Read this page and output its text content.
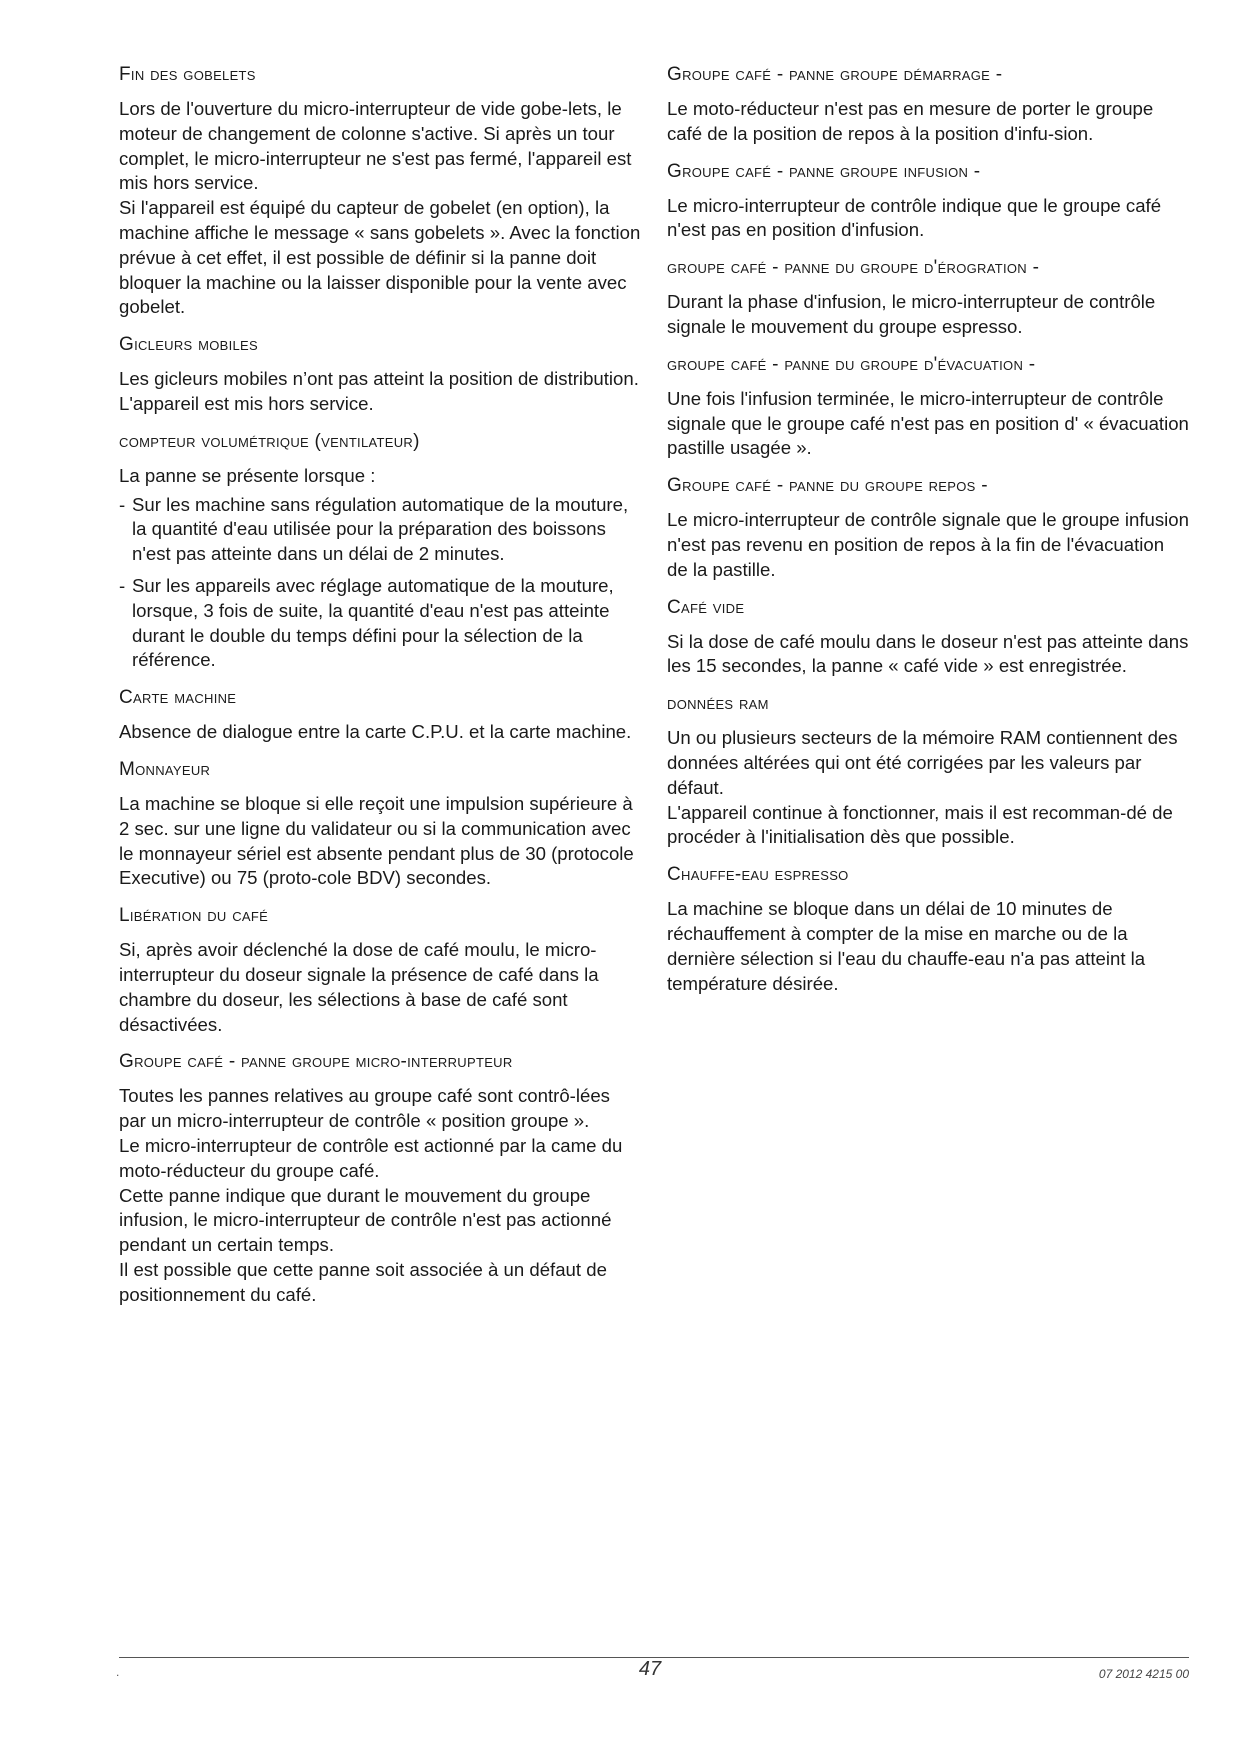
Fin des gobelets

Lors de l'ouverture du micro-interrupteur de vide gobe-lets, le moteur de changement de colonne s'active. Si après un tour complet, le micro-interrupteur ne s'est pas fermé, l'appareil est mis hors service.

Si l'appareil est équipé du capteur de gobelet (en option), la machine affiche le message « sans gobelets ». Avec la fonction prévue à cet effet, il est possible de définir si la panne doit bloquer la machine ou la laisser disponible pour la vente avec gobelet.

Gicleurs mobiles

Les gicleurs mobiles n’ont pas atteint la position de distribution.

L'appareil est mis hors service.

compteur volumétrique (ventilateur)

La panne se présente lorsque :

- Sur les machine sans régulation automatique de la mouture, la quantité d'eau utilisée pour la préparation des boissons n'est pas atteinte dans un délai de 2 minutes.
- Sur les appareils avec réglage automatique de la mouture, lorsque, 3 fois de suite, la quantité d'eau n'est pas atteinte durant le double du temps défini pour la sélection de la référence.
Carte machine

Absence de dialogue entre la carte C.P.U. et la carte machine.

Monnayeur

La machine se bloque si elle reçoit une impulsion supérieure à 2 sec. sur une ligne du validateur ou si la communication avec le monnayeur sériel est absente pendant plus de 30 (protocole Executive) ou 75 (proto-cole BDV) secondes.

Libération du café

Si, après avoir déclenché la dose de café moulu, le micro-interrupteur du doseur signale la présence de café dans la chambre du doseur, les sélections à base de café sont désactivées.

Groupe café - panne groupe micro-interrupteur

Toutes les pannes relatives au groupe café sont contrô-lées par un micro-interrupteur de contrôle « position groupe ».

Le micro-interrupteur de contrôle est actionné par la came du moto-réducteur du groupe café.

Cette panne indique que durant le mouvement du groupe infusion, le micro-interrupteur de contrôle n'est pas actionné pendant un certain temps.

Il est possible que cette panne soit associée à un défaut de positionnement du café.

Groupe café - panne groupe démarrage -

Le moto-réducteur n'est pas en mesure de porter le groupe café de la position de repos à la position d'infu-sion.

Groupe café - panne groupe infusion -

Le micro-interrupteur de contrôle indique que le groupe café n'est pas en position d'infusion.

groupe café - panne du groupe d'érogration -

Durant la phase d'infusion, le micro-interrupteur de contrôle signale le mouvement du groupe espresso.

groupe café - panne du groupe d'évacuation -

Une fois l'infusion terminée, le micro-interrupteur de contrôle signale que le groupe café n'est pas en position d' « évacuation pastille usagée ».

Groupe café - panne du groupe repos -

Le micro-interrupteur de contrôle signale que le groupe infusion n'est pas revenu en position de repos à la fin de l'évacuation de la pastille.

Café vide

Si la dose de café moulu dans le doseur n'est pas atteinte dans les 15 secondes, la panne « café vide » est enregistrée.

données ram

Un ou plusieurs secteurs de la mémoire RAM contiennent des données altérées qui ont été corrigées par les valeurs par défaut.

L'appareil continue à fonctionner, mais il est recomman-dé de procéder à l'initialisation dès que possible.

Chauffe-eau espresso

La machine se bloque dans un délai de 10 minutes de réchauffement à compter de la mise en marche ou de la dernière sélection si l'eau du chauffe-eau n'a pas atteint la température désirée.

.	47	07 2012 4215 00
